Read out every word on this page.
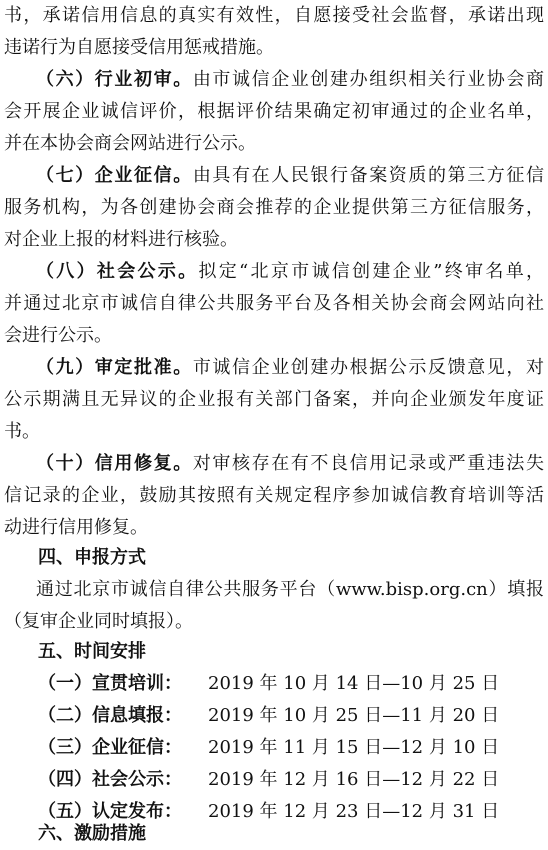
书，承诺信用信息的真实有效性，自愿接受社会监督，承诺出现
违诺行为自愿接受信用惩戒措施。
（六）行业初审。由市诚信企业创建办组织相关行业协会商
会开展企业诚信评价，根据评价结果确定初审通过的企业名单，
并在本协会商会网站进行公示。
（七）企业征信。由具有在人民银行备案资质的第三方征信
服务机构，为各创建协会商会推荐的企业提供第三方征信服务，
对企业上报的材料进行核验。
（八）社会公示。拟定“北京市诚信创建企业”终审名单，
并通过北京市诚信自律公共服务平台及各相关协会商会网站向社
会进行公示。
（九）审定批准。市诚信企业创建办根据公示反馈意见，对
公示期满且无异议的企业报有关部门备案，并向企业颁发年度证
书。
（十）信用修复。对审核存在有不良信用记录或严重违法失
信记录的企业，鼓励其按照有关规定程序参加诚信教育培训等活
动进行信用修复。
四、申报方式
通过北京市诚信自律公共服务平台（www.bisp.org.cn）填报
（复审企业同时填报）。
五、时间安排
（一）宣贯培训： 2019 年 10 月 14 日—10 月 25 日
（二）信息填报： 2019 年 10 月 25 日—11 月 20 日
（三）企业征信： 2019 年 11 月 15 日—12 月 10 日
（四）社会公示： 2019 年 12 月 16 日—12 月 22 日
（五）认定发布： 2019 年 12 月 23 日—12 月 31 日
六、激励措施
